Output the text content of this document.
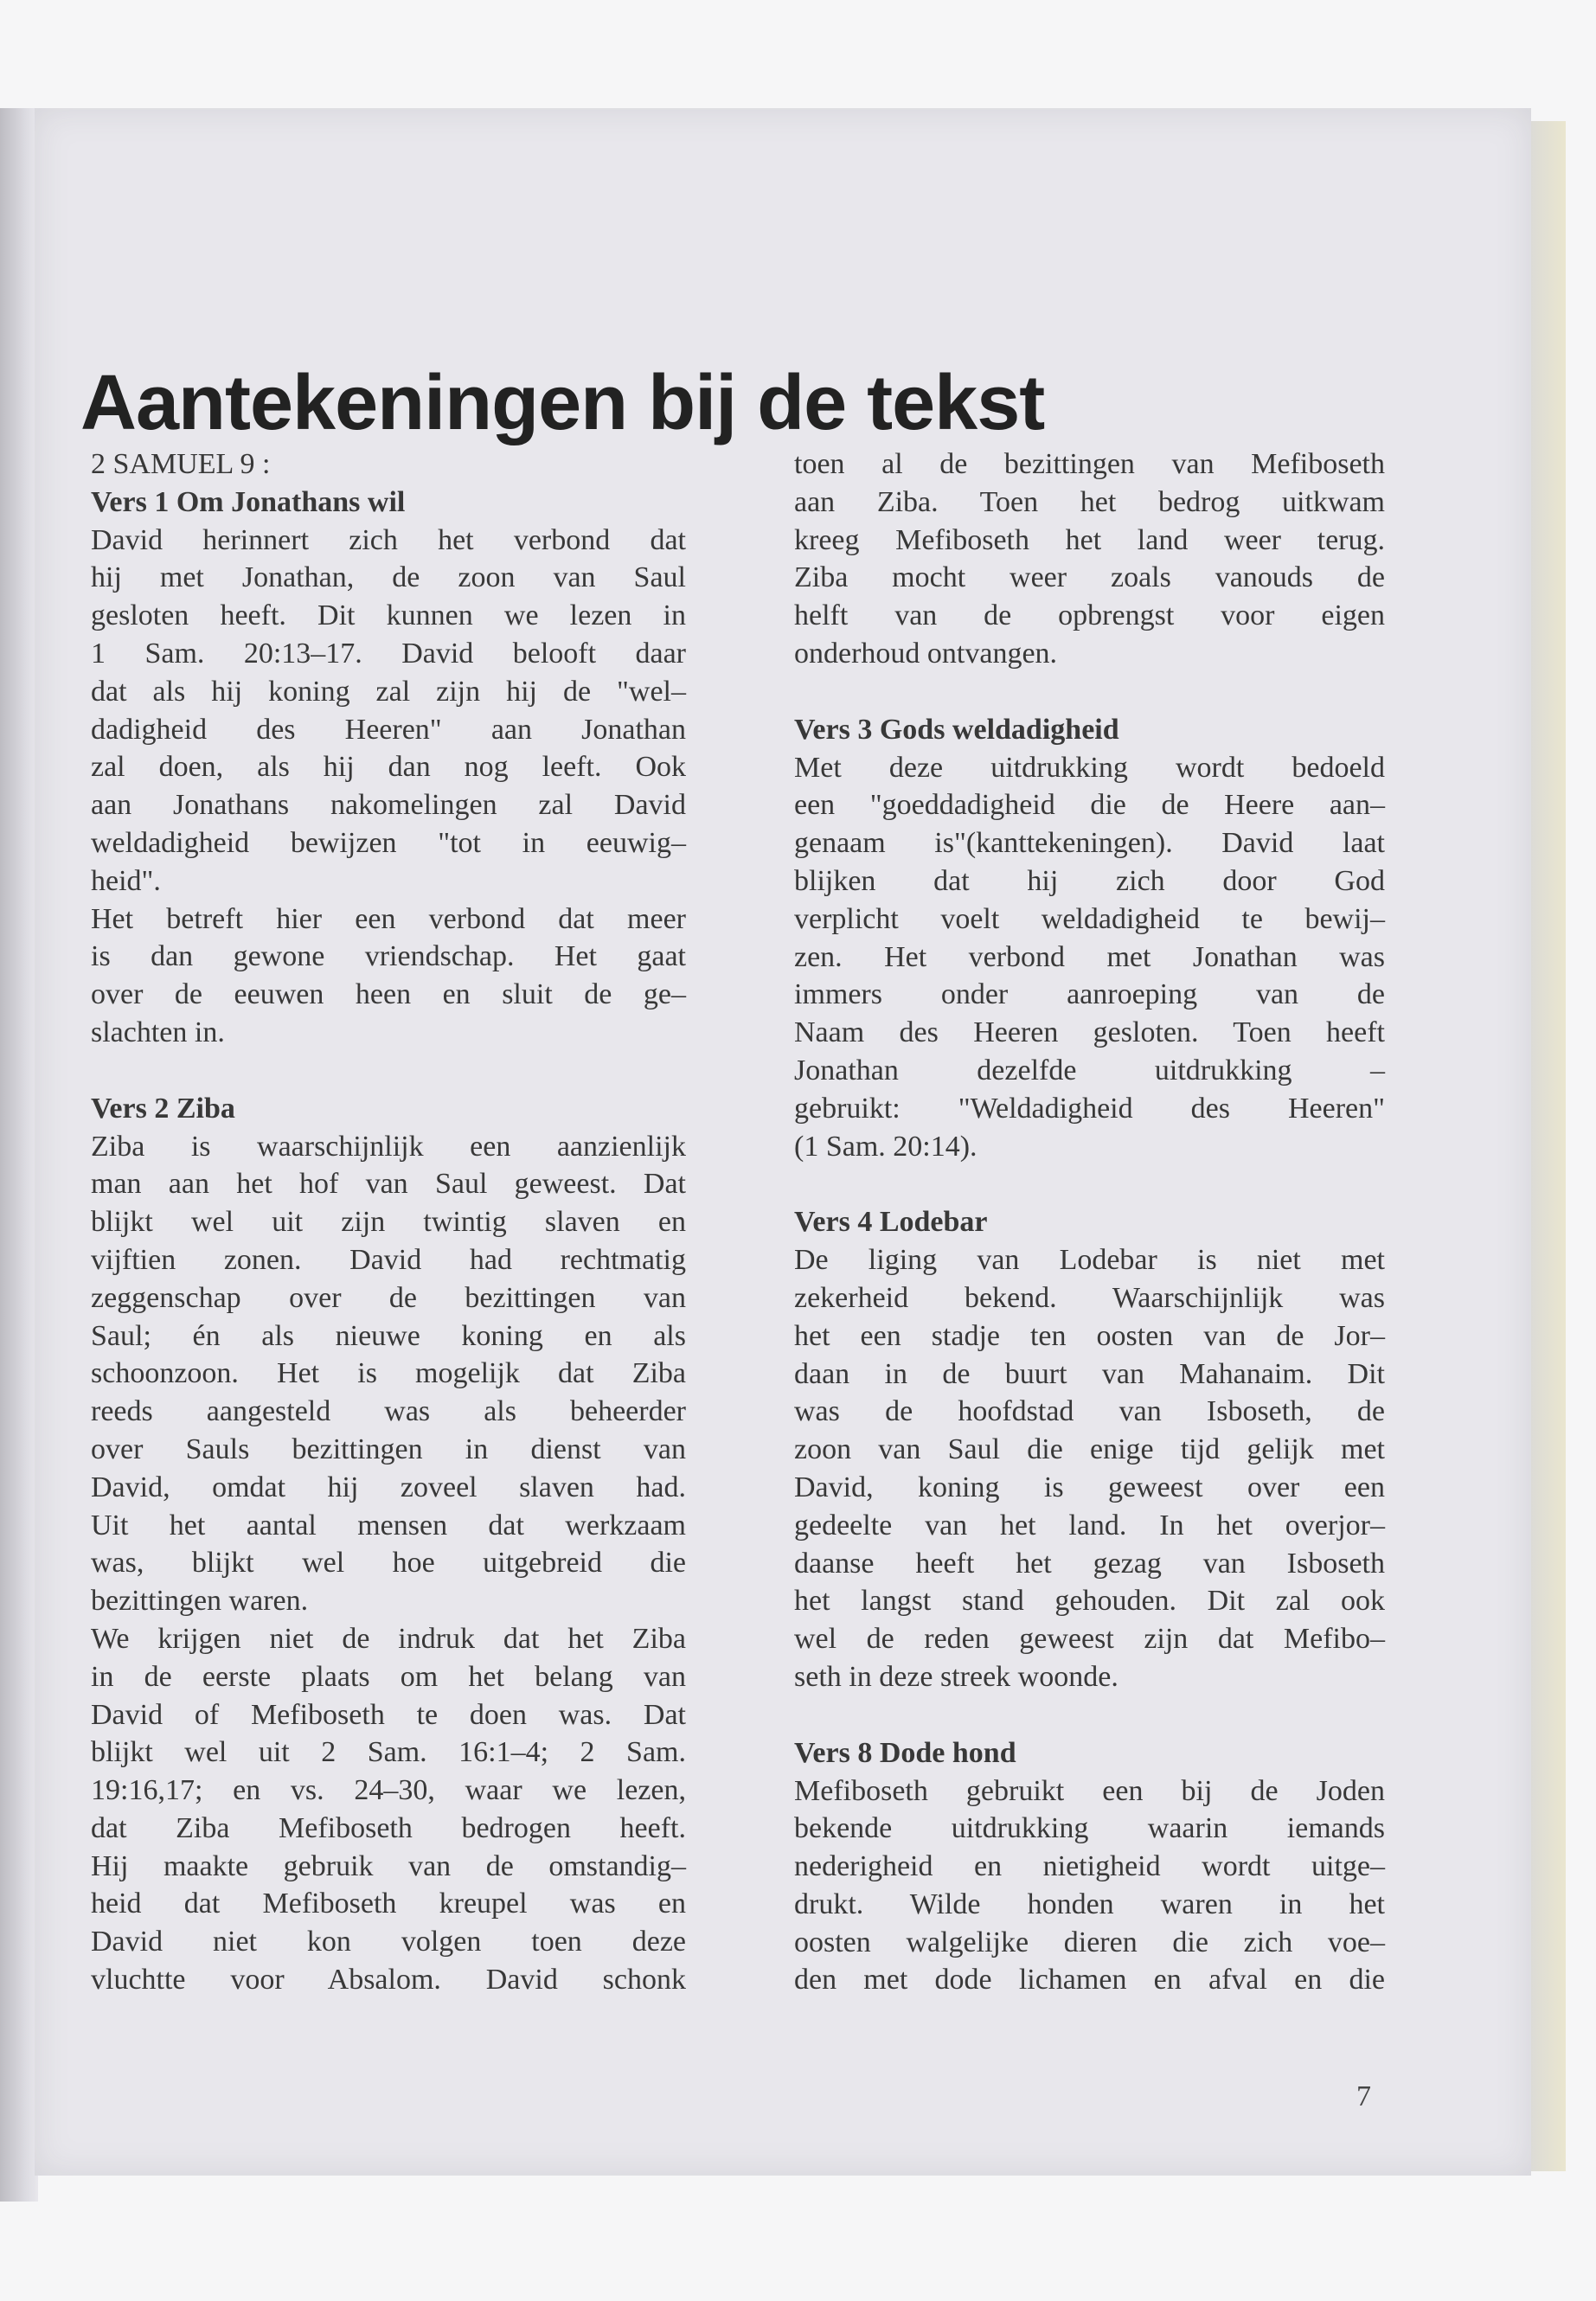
Aantekeningen bij de tekst
2 SAMUEL 9 :
Vers 1 Om Jonathans wil
David herinnert zich het verbond dat
hij met Jonathan, de zoon van Saul
gesloten heeft. Dit kunnen we lezen in
1 Sam. 20:13–17. David belooft daar
dat als hij koning zal zijn hij de "wel–
dadigheid des Heeren" aan Jonathan
zal doen, als hij dan nog leeft. Ook
aan Jonathans nakomelingen zal David
weldadigheid bewijzen "tot in eeuwig–
heid".
Het betreft hier een verbond dat meer
is dan gewone vriendschap. Het gaat
over de eeuwen heen en sluit de ge–
slachten in.
Vers 2 Ziba
Ziba is waarschijnlijk een aanzienlijk
man aan het hof van Saul geweest. Dat
blijkt wel uit zijn twintig slaven en
vijftien zonen. David had rechtmatig
zeggenschap over de bezittingen van
Saul; én als nieuwe koning en als
schoonzoon. Het is mogelijk dat Ziba
reeds aangesteld was als beheerder
over Sauls bezittingen in dienst van
David, omdat hij zoveel slaven had.
Uit het aantal mensen dat werkzaam
was, blijkt wel hoe uitgebreid die
bezittingen waren.
We krijgen niet de indruk dat het Ziba
in de eerste plaats om het belang van
David of Mefiboseth te doen was. Dat
blijkt wel uit 2 Sam. 16:1–4; 2 Sam.
19:16,17; en vs. 24–30, waar we lezen,
dat Ziba Mefiboseth bedrogen heeft.
Hij maakte gebruik van de omstandig–
heid dat Mefiboseth kreupel was en
David niet kon volgen toen deze
vluchtte voor Absalom. David schonk
toen al de bezittingen van Mefiboseth
aan Ziba. Toen het bedrog uitkwam
kreeg Mefiboseth het land weer terug.
Ziba mocht weer zoals vanouds de
helft van de opbrengst voor eigen
onderhoud ontvangen.
Vers 3 Gods weldadigheid
Met deze uitdrukking wordt bedoeld
een "goeddadigheid die de Heere aan–
genaam is"(kanttekeningen). David laat
blijken dat hij zich door God
verplicht voelt weldadigheid te bewij–
zen. Het verbond met Jonathan was
immers onder aanroeping van de
Naam des Heeren gesloten. Toen heeft
Jonathan dezelfde uitdrukking –
gebruikt: "Weldadigheid des Heeren"
(1 Sam. 20:14).
Vers 4 Lodebar
De liging van Lodebar is niet met
zekerheid bekend. Waarschijnlijk was
het een stadje ten oosten van de Jor–
daan in de buurt van Mahanaim. Dit
was de hoofdstad van Isboseth, de
zoon van Saul die enige tijd gelijk met
David, koning is geweest over een
gedeelte van het land. In het overjor–
daanse heeft het gezag van Isboseth
het langst stand gehouden. Dit zal ook
wel de reden geweest zijn dat Mefibo–
seth in deze streek woonde.
Vers 8 Dode hond
Mefiboseth gebruikt een bij de Joden
bekende uitdrukking waarin iemands
nederigheid en nietigheid wordt uitge–
drukt. Wilde honden waren in het
oosten walgelijke dieren die zich voe–
den met dode lichamen en afval en die
7
